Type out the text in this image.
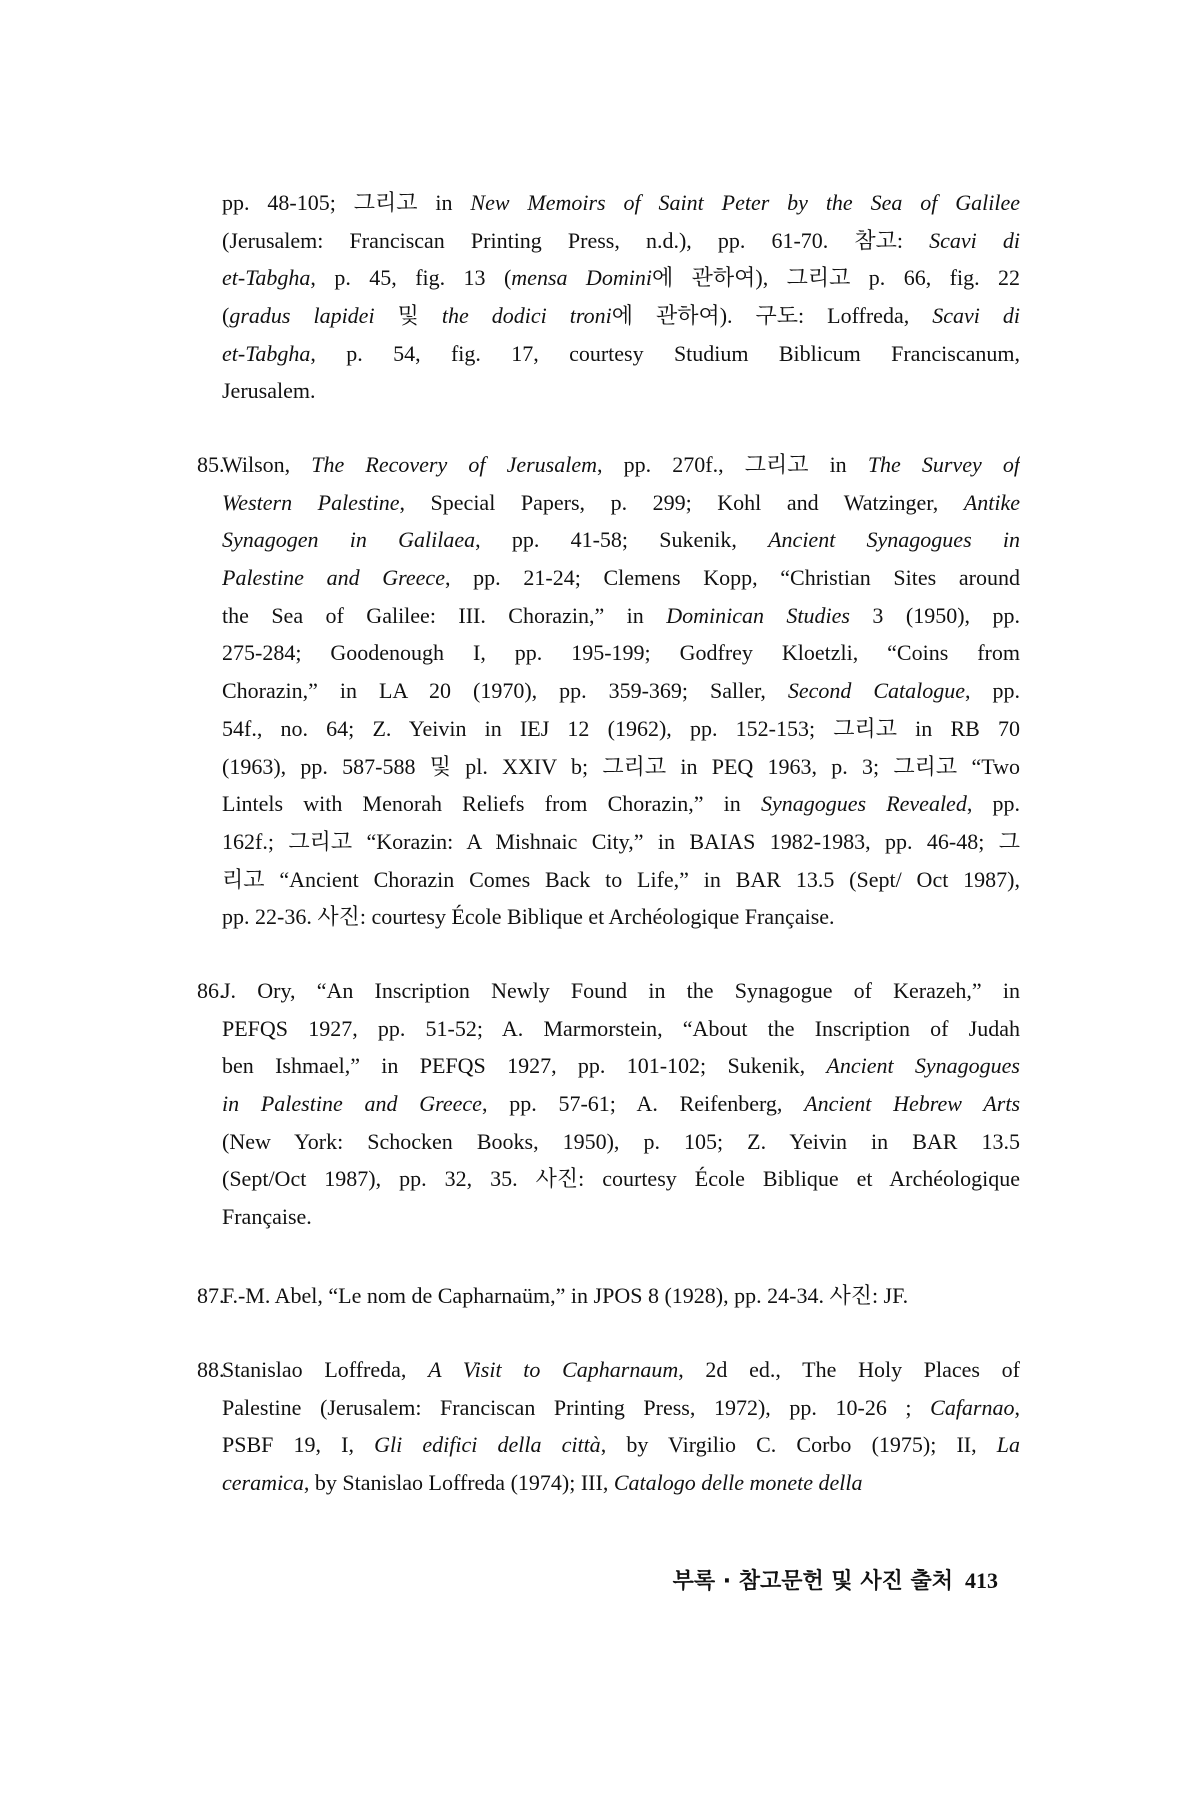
pp. 48-105; 그리고 in New Memoirs of Saint Peter by the Sea of Galilee
(Jerusalem: Franciscan Printing Press, n.d.), pp. 61-70. 참고: Scavi di
et-Tabgha, p. 45, fig. 13 (mensa Domini에 관하여), 그리고 p. 66, fig. 22
(gradus lapidei 및 the dodici troni에 관하여). 구도: Loffreda, Scavi di
et-Tabgha, p. 54, fig. 17, courtesy Studium Biblicum Franciscanum,
Jerusalem.
85.
Wilson, The Recovery of Jerusalem, pp. 270f., 그리고 in The Survey of
Western Palestine, Special Papers, p. 299; Kohl and Watzinger, Antike
Synagogen in Galilaea, pp. 41-58; Sukenik, Ancient Synagogues in
Palestine and Greece, pp. 21-24; Clemens Kopp, “Christian Sites around
the Sea of Galilee: III. Chorazin,” in Dominican Studies 3 (1950), pp.
275-284; Goodenough I, pp. 195-199; Godfrey Kloetzli, “Coins from
Chorazin,” in LA 20 (1970), pp. 359-369; Saller, Second Catalogue, pp.
54f., no. 64; Z. Yeivin in IEJ 12 (1962), pp. 152-153; 그리고 in RB 70
(1963), pp. 587-588 및 pl. XXIV b; 그리고 in PEQ 1963, p. 3; 그리고 “Two
Lintels with Menorah Reliefs from Chorazin,” in Synagogues Revealed, pp.
162f.; 그리고 “Korazin: A Mishnaic City,” in BAIAS 1982-1983, pp. 46-48; 그
리고 “Ancient Chorazin Comes Back to Life,” in BAR 13.5 (Sept/ Oct 1987),
pp. 22-36. 사진: courtesy École Biblique et Archéologique Française.
86.
J. Ory, “An Inscription Newly Found in the Synagogue of Kerazeh,” in
PEFQS 1927, pp. 51-52; A. Marmorstein, “About the Inscription of Judah
ben Ishmael,” in PEFQS 1927, pp. 101-102; Sukenik, Ancient Synagogues
in Palestine and Greece, pp. 57-61; A. Reifenberg, Ancient Hebrew Arts
(New York: Schocken Books, 1950), p. 105; Z. Yeivin in BAR 13.5
(Sept/Oct 1987), pp. 32, 35. 사진: courtesy École Biblique et Archéologique
Française.
87.
F.-M. Abel, “Le nom de Capharnaüm,” in JPOS 8 (1928), pp. 24-34. 사진: JF.
88.
Stanislao Loffreda, A Visit to Capharnaum, 2d ed., The Holy Places of
Palestine (Jerusalem: Franciscan Printing Press, 1972), pp. 10-26 ; Cafarnao,
PSBF 19, I, Gli edifici della città, by Virgilio C. Corbo (1975); II, La
ceramica, by Stanislao Loffreda (1974); III, Catalogo delle monete della
부록 · 참고문헌 및 사진 출처 413
